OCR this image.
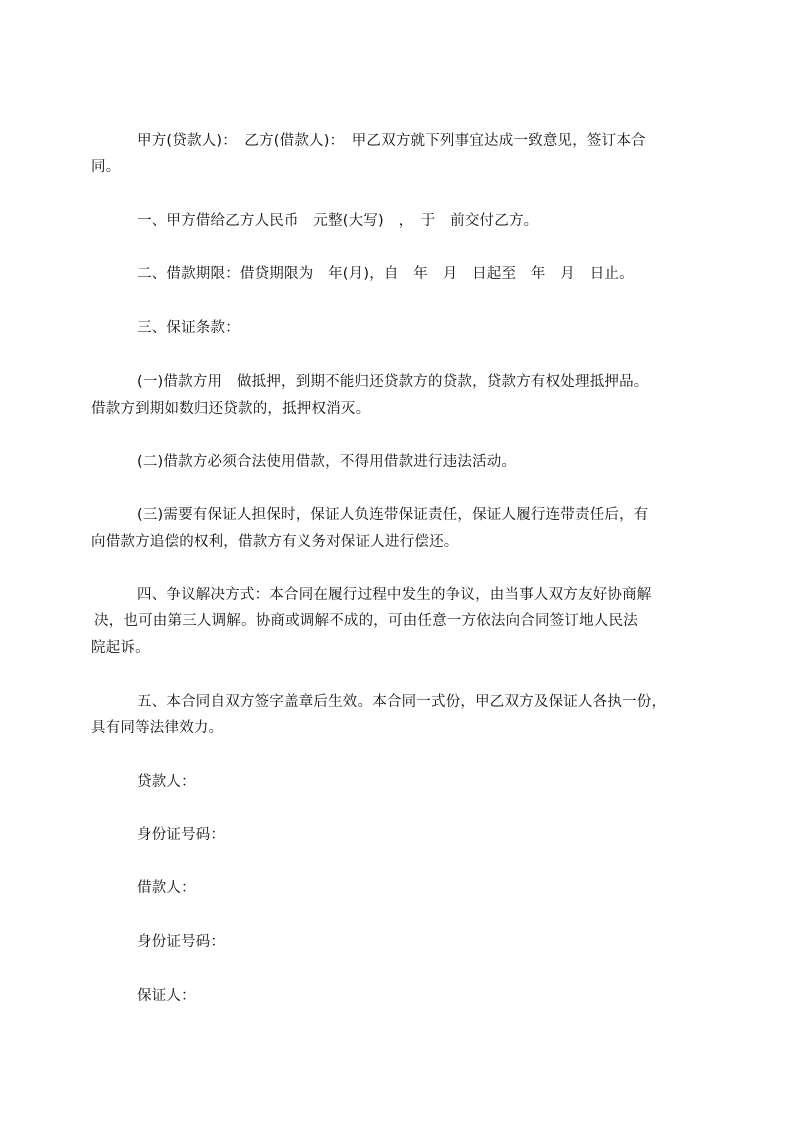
甲方(贷款人)：　乙方(借款人)：　甲乙双方就下列事宜达成一致意见，签订本合
同。
一、甲方借给乙方人民币　元整(大写)　，　于　前交付乙方。
二、借款期限：借贷期限为　年(月)，自　年　月　日起至　年　月　日止。
三、保证条款：
(一)借款方用　做抵押，到期不能归还贷款方的贷款，贷款方有权处理抵押品。
借款方到期如数归还贷款的，抵押权消灭。
(二)借款方必须合法使用借款，不得用借款进行违法活动。
(三)需要有保证人担保时，保证人负连带保证责任，保证人履行连带责任后，有
向借款方追偿的权利，借款方有义务对保证人进行偿还。
四、争议解决方式：本合同在履行过程中发生的争议，由当事人双方友好协商解
决，也可由第三人调解。协商或调解不成的，可由任意一方依法向合同签订地人民法
院起诉。
五、本合同自双方签字盖章后生效。本合同一式份，甲乙双方及保证人各执一份，
具有同等法律效力。
贷款人：
身份证号码：
借款人：
身份证号码：
保证人：
